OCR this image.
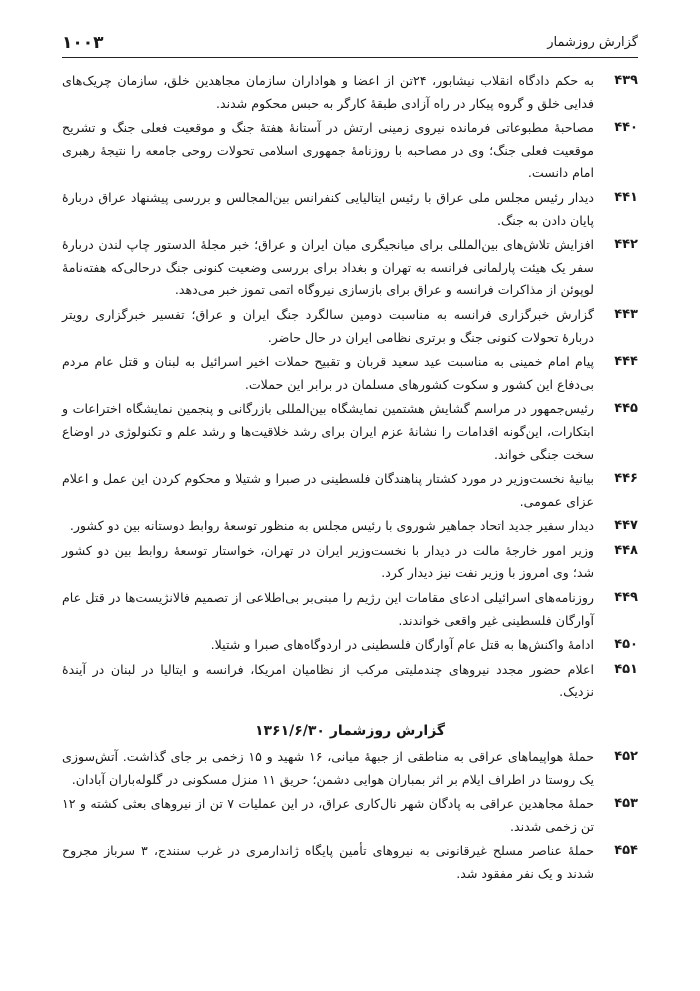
گزارش روزشمار
۱۰۰۳
۴۳۹
به حکم دادگاه انقلاب نیشابور، ۲۴تن از اعضا و هواداران سازمان مجاهدین خلق، سازمان چریک‌های فدایی خلق و گروه پیکار در راه آزادی طبقهٔ کارگر به حبس محکوم شدند.
۴۴۰
مصاحبهٔ مطبوعاتی فرمانده نیروی زمینی ارتش در آستانهٔ هفتهٔ جنگ و موقعیت فعلی جنگ و تشریح موقعیت فعلی جنگ؛ وی در مصاحبه با روزنامهٔ جمهوری اسلامی تحولات روحی جامعه را نتیجهٔ رهبری امام دانست.
۴۴۱
دیدار رئیس مجلس ملی عراق با رئیس ایتالیایی کنفرانس بین‌المجالس و بررسی پیشنهاد عراق دربارهٔ پایان دادن به جنگ.
۴۴۲
افزایش تلاش‌های بین‌المللی برای میانجیگری میان ایران و عراق؛ خبر مجلهٔ الدستور چاپ لندن دربارهٔ سفر یک هیئت پارلمانی فرانسه به تهران و بغداد برای بررسی وضعیت کنونی جنگ درحالی‌که هفته‌نامهٔ لوپوئن از مذاکرات فرانسه و عراق برای بازسازی نیروگاه اتمی تموز خبر می‌دهد.
۴۴۳
گزارش خبرگزاری فرانسه به مناسبت دومین سالگرد جنگ ایران و عراق؛ تفسیر خبرگزاری رویتر دربارهٔ تحولات کنونی جنگ و برتری نظامی ایران در حال حاضر.
۴۴۴
پیام امام خمینی به مناسبت عید سعید قربان و تقبیح حملات اخیر اسرائیل به لبنان و قتل عام مردم بی‌دفاع این کشور و سکوت کشورهای مسلمان در برابر این حملات.
۴۴۵
رئیس‌جمهور در مراسم گشایش هشتمین نمایشگاه بین‌المللی بازرگانی و پنجمین نمایشگاه اختراعات و ابتکارات، این‌گونه اقدامات را نشانهٔ عزم ایران برای رشد خلاقیت‌ها و رشد علم و تکنولوژی در اوضاع سخت جنگی خواند.
۴۴۶
بیانیهٔ نخست‌وزیر در مورد کشتار پناهندگان فلسطینی در صبرا و شتیلا و محکوم کردن این عمل و اعلام عزای عمومی.
۴۴۷
دیدار سفیر جدید اتحاد جماهیر شوروی با رئیس مجلس به منظور توسعهٔ روابط دوستانه بین دو کشور.
۴۴۸
وزیر امور خارجهٔ مالت در دیدار با نخست‌وزیر ایران در تهران، خواستار توسعهٔ روابط بین دو کشور شد؛ وی امروز با وزیر نفت نیز دیدار کرد.
۴۴۹
روزنامه‌های اسرائیلی ادعای مقامات این رژیم را مبنی‌بر بی‌اطلاعی از تصمیم فالانژیست‌ها در قتل عام آوارگان فلسطینی غیر واقعی خواندند.
۴۵۰
ادامهٔ واکنش‌ها به قتل عام آوارگان فلسطینی در اردوگاه‌های صبرا و شتیلا.
۴۵۱
اعلام حضور مجدد نیروهای چندملیتی مرکب از نظامیان امریکا، فرانسه و ایتالیا در لبنان در آیندهٔ نزدیک.
گزارش روزشمار ۱۳۶۱/۶/۳۰
۴۵۲
حملهٔ هواپیماهای عراقی به مناطقی از جبههٔ میانی، ۱۶ شهید و ۱۵ زخمی بر جای گذاشت. آتش‌سوزی یک روستا در اطراف ایلام بر اثر بمباران هوایی دشمن؛ حریق ۱۱ منزل مسکونی در گلوله‌باران آبادان.
۴۵۳
حملهٔ مجاهدین عراقی به پادگان شهر نال‌کاری عراق، در این عملیات ۷ تن از نیروهای بعثی کشته و ۱۲ تن زخمی شدند.
۴۵۴
حملهٔ عناصر مسلح غیرقانونی به نیروهای تأمین پایگاه ژاندارمری در غرب سنندج، ۳ سرباز مجروح شدند و یک نفر مفقود شد.
